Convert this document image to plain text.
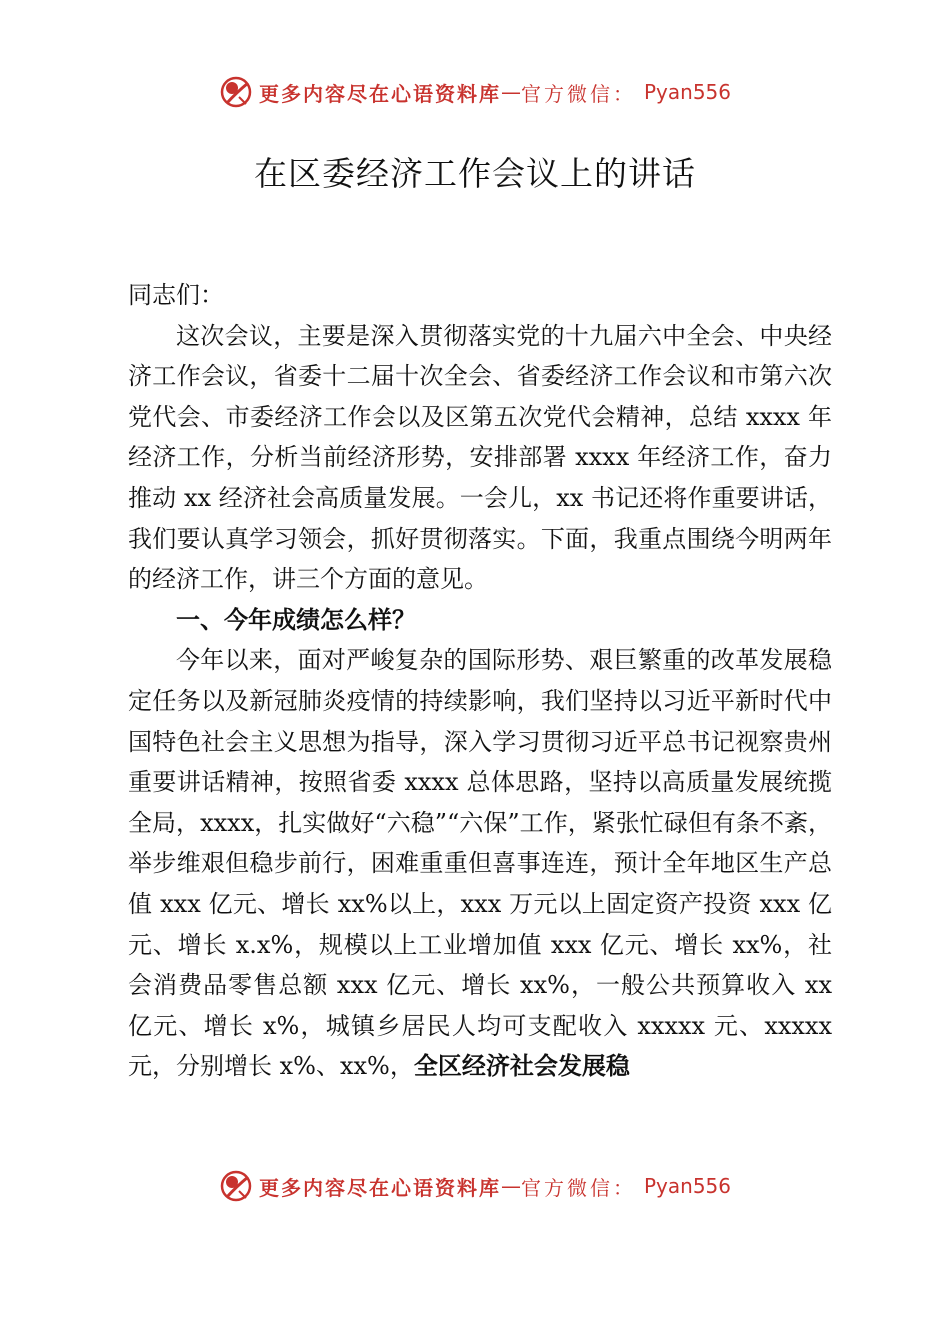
更多内容尽在心语资料库 — 官方微信： Pyan556
在区委经济工作会议上的讲话

同志们：

这次会议，主要是深入贯彻落实党的十九届六中全会、中央经济工作会议，省委十二届十次全会、省委经济工作会议和市第六次党代会、市委经济工作会以及区第五次党代会精神，总结 xxxx 年经济工作，分析当前经济形势，安排部署 xxxx 年经济工作，奋力推动 xx 经济社会高质量发展。一会儿，xx 书记还将作重要讲话，我们要认真学习领会，抓好贯彻落实。下面，我重点围绕今明两年的经济工作，讲三个方面的意见。

一、今年成绩怎么样？

今年以来，面对严峻复杂的国际形势、艰巨繁重的改革发展稳定任务以及新冠肺炎疫情的持续影响，我们坚持以习近平新时代中国特色社会主义思想为指导，深入学习贯彻习近平总书记视察贵州重要讲话精神，按照省委 xxxx 总体思路，坚持以高质量发展统揽全局，xxxx，扎实做好“六稳”“六保”工作，紧张忙碌但有条不紊，举步维艰但稳步前行，困难重重但喜事连连，预计全年地区生产总值 xxx 亿元、增长 xx%以上，xxx 万元以上固定资产投资 xxx 亿元、增长 x.x%，规模以上工业增加值 xxx 亿元、增长 xx%，社会消费品零售总额 xxx 亿元、增长 xx%，一般公共预算收入 xx 亿元、增长 x%，城镇乡居民人均可支配收入 xxxxx 元、xxxxx 元，分别增长 x%、xx%，全区经济社会发展稳

更多内容尽在心语资料库 — 官方微信： Pyan556
